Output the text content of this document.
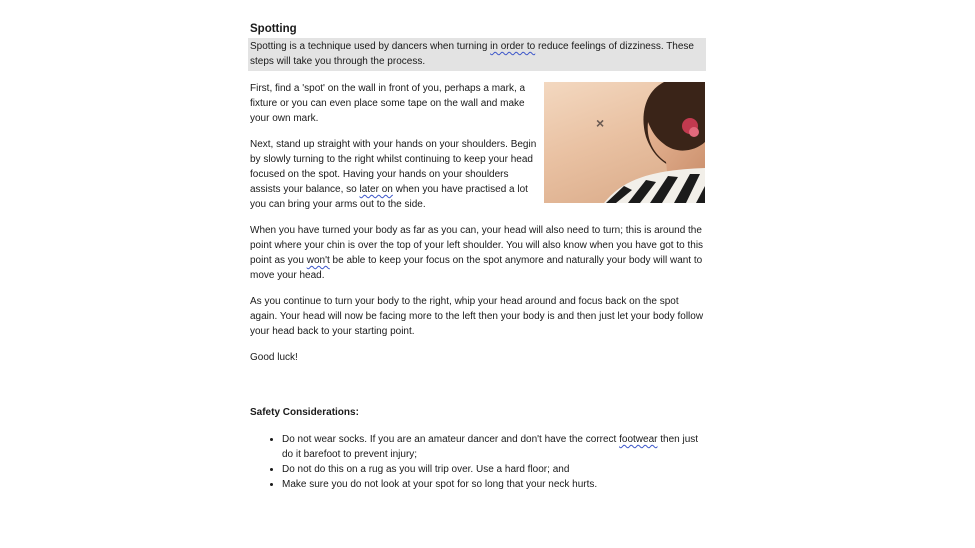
Spotting
Spotting is a technique used by dancers when turning in order to reduce feelings of dizziness. These steps will take you through the process.
×

First, find a 'spot' on the wall in front of you, perhaps a mark, a fixture or you can even place some tape on the wall and make your own mark.

Next, stand up straight with your hands on your shoulders. Begin by slowly turning to the right whilst continuing to keep your head focused on the spot. Having your hands on your shoulders assists your balance, so later on when you have practised a lot you can bring your arms out to the side.

When you have turned your body as far as you can, your head will also need to turn; this is around the point where your chin is over the top of your left shoulder. You will also know when you have got to this point as you won't be able to keep your focus on the spot anymore and naturally your body will want to move your head.

As you continue to turn your body to the right, whip your head around and focus back on the spot again. Your head will now be facing more to the left then your body is and then just let your body follow your head back to your starting point.

Good luck!

Safety Considerations:
• Do not wear socks. If you are an amateur dancer and don't have the correct footwear then just do it barefoot to prevent injury;
• Do not do this on a rug as you will trip over. Use a hard floor; and
• Make sure you do not look at your spot for so long that your neck hurts.
